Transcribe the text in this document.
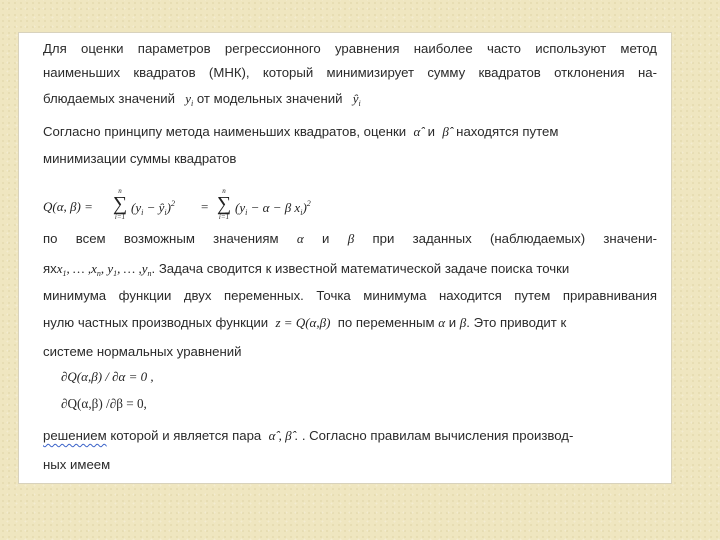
Для оценки параметров регрессионного уравнения наиболее часто используют метод
наименьших квадратов (МНК), который минимизирует сумму квадратов отклонения на-
блюдаемых значений $y_i$ от модельных значений $ŷ_i$
Согласно принципу метода наименьших квадратов, оценки α̂ и β̂ находятся путем
минимизации суммы квадратов
Q(α, β) =
n
∑
i=1
($y_i$ − $ŷ_i)^2$ =
n
∑
i=1
($y_i - \alpha - \beta$ $x_i)^2$
по всем возможным значениям α и β при заданных (наблюдаемых) значени-
яхx$_1$, … $,x_n$, $y_1$, … $,y_n$. Задача сводится к известной математической задаче поиска точки
минимума функции двух переменных. Точка минимума находится путем приравнивания
нулю частных производных функции z = Q(α,β) по переменным α и β. Это приводит к
системе нормальных уравнений
∂Q(α,β) / ∂α = 0 ,
∂Q(α,β) /∂β = 0,
решением которой и является пара α̂ , β̂ . . Согласно правилам вычисления производ-
ных имеем
